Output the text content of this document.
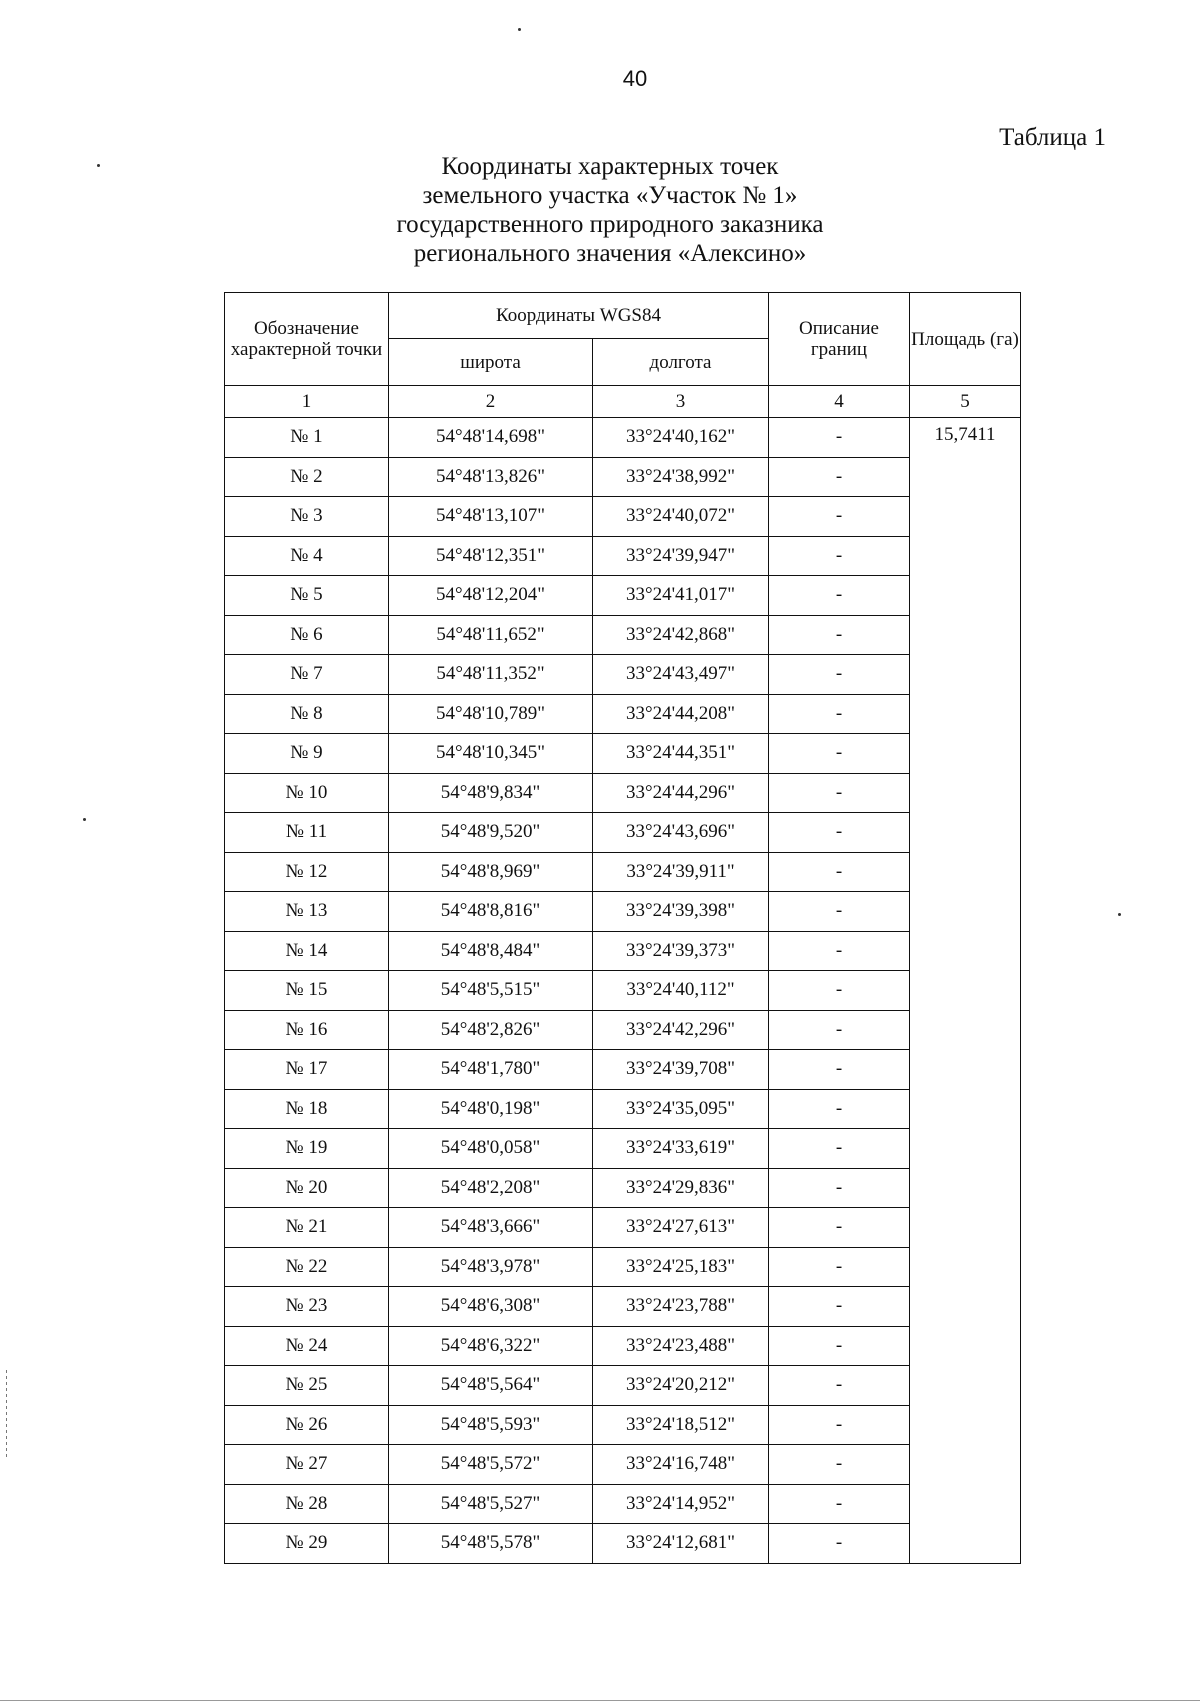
40
Таблица 1
Координаты характерных точек
земельного участка «Участок № 1»
государственного природного заказника
регионального значения «Алексино»
Обозначение характерной точки	Координаты WGS84		Описание границ	Площадь (га)
	широта	долгота		
1	2	3	4	5
№ 1	54°48'14,698"	33°24'40,162"	-	15,7411
№ 2	54°48'13,826"	33°24'38,992"	-	
№ 3	54°48'13,107"	33°24'40,072"	-	
№ 4	54°48'12,351"	33°24'39,947"	-	
№ 5	54°48'12,204"	33°24'41,017"	-	
№ 6	54°48'11,652"	33°24'42,868"	-	
№ 7	54°48'11,352"	33°24'43,497"	-	
№ 8	54°48'10,789"	33°24'44,208"	-	
№ 9	54°48'10,345"	33°24'44,351"	-	
№ 10	54°48'9,834"	33°24'44,296"	-	
№ 11	54°48'9,520"	33°24'43,696"	-	
№ 12	54°48'8,969"	33°24'39,911"	-	
№ 13	54°48'8,816"	33°24'39,398"	-	
№ 14	54°48'8,484"	33°24'39,373"	-	
№ 15	54°48'5,515"	33°24'40,112"	-	
№ 16	54°48'2,826"	33°24'42,296"	-	
№ 17	54°48'1,780"	33°24'39,708"	-	
№ 18	54°48'0,198"	33°24'35,095"	-	
№ 19	54°48'0,058"	33°24'33,619"	-	
№ 20	54°48'2,208"	33°24'29,836"	-	
№ 21	54°48'3,666"	33°24'27,613"	-	
№ 22	54°48'3,978"	33°24'25,183"	-	
№ 23	54°48'6,308"	33°24'23,788"	-	
№ 24	54°48'6,322"	33°24'23,488"	-	
№ 25	54°48'5,564"	33°24'20,212"	-	
№ 26	54°48'5,593"	33°24'18,512"	-	
№ 27	54°48'5,572"	33°24'16,748"	-	
№ 28	54°48'5,527"	33°24'14,952"	-	
№ 29	54°48'5,578"	33°24'12,681"	-	
